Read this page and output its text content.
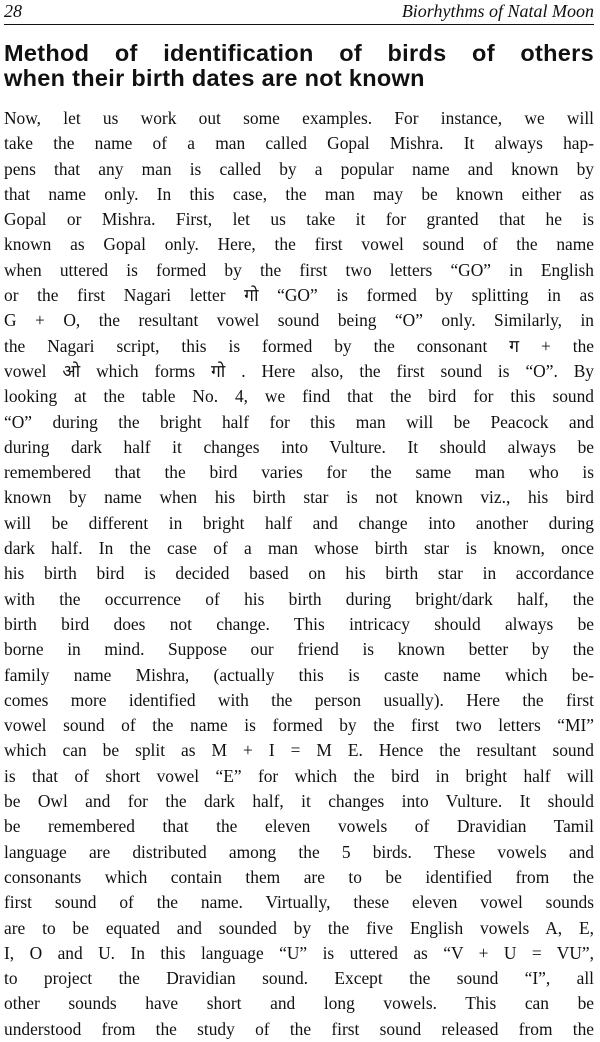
28	Biorhythms of Natal Moon
Method of identification of birds of others
when their birth dates are not known
Now, let us work out some examples. For instance, we will
take the name of a man called Gopal Mishra. It always hap-
pens that any man is called by a popular name and known by
that name only. In this case, the man may be known either as
Gopal or Mishra. First, let us take it for granted that he is
known as Gopal only. Here, the first vowel sound of the name
when uttered is formed by the first two letters “GO” in English
or the first Nagari letter गो “GO” is formed by splitting in as
G + O, the resultant vowel sound being “O” only. Similarly, in
the Nagari script, this is formed by the consonant ग + the
vowel ओ which forms गो . Here also, the first sound is “O”. By
looking at the table No. 4, we find that the bird for this sound
“O” during the bright half for this man will be Peacock and
during dark half it changes into Vulture. It should always be
remembered that the bird varies for the same man who is
known by name when his birth star is not known viz., his bird
will be different in bright half and change into another during
dark half. In the case of a man whose birth star is known, once
his birth bird is decided based on his birth star in accordance
with the occurrence of his birth during bright/dark half, the
birth bird does not change. This intricacy should always be
borne in mind. Suppose our friend is known better by the
family name Mishra, (actually this is caste name which be-
comes more identified with the person usually). Here the first
vowel sound of the name is formed by the first two letters “MI”
which can be split as M + I = M E. Hence the resultant sound
is that of short vowel “E” for which the bird in bright half will
be Owl and for the dark half, it changes into Vulture. It should
be remembered that the eleven vowels of Dravidian Tamil
language are distributed among the 5 birds. These vowels and
consonants which contain them are to be identified from the
first sound of the name. Virtually, these eleven vowel sounds
are to be equated and sounded by the five English vowels A, E,
I, O and U. In this language “U” is uttered as “V + U = VU”,
to project the Dravidian sound. Except the sound “I”, all
other sounds have short and long vowels. This can be
understood from the study of the first sound released from the
